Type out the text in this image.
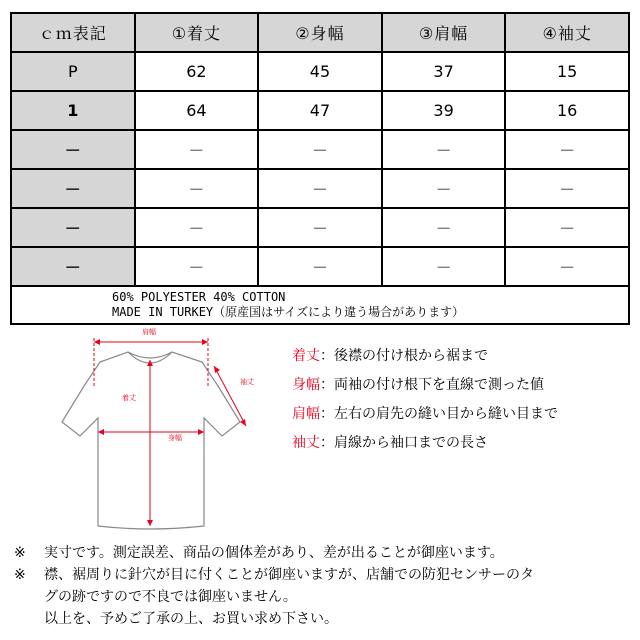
ｃｍ表記	①着丈	②身幅	③肩幅	④袖丈
P	62	45	37	15
1	64	47	39	16
－	－	－	－	－
－	－	－	－	－
－	－	－	－	－
－	－	－	－	－

60% POLYESTER 40% COTTON
MADE IN TURKEY（原産国はサイズにより違う場合があります）				
肩幅
袖丈
着丈
身幅
着丈：後襟の付け根から裾まで
身幅：両袖の付け根下を直線で測った値
肩幅：左右の肩先の縫い目から縫い目まで
袖丈：肩線から袖口までの長さ
※ 実寸です。測定誤差、商品の個体差があり、差が出ることが御座います。
※ 襟、裾周りに針穴が目に付くことが御座いますが、店舗での防犯センサーのタ
グの跡ですので不良では御座いません。
以上を、予めご了承の上、お買い求め下さい。
